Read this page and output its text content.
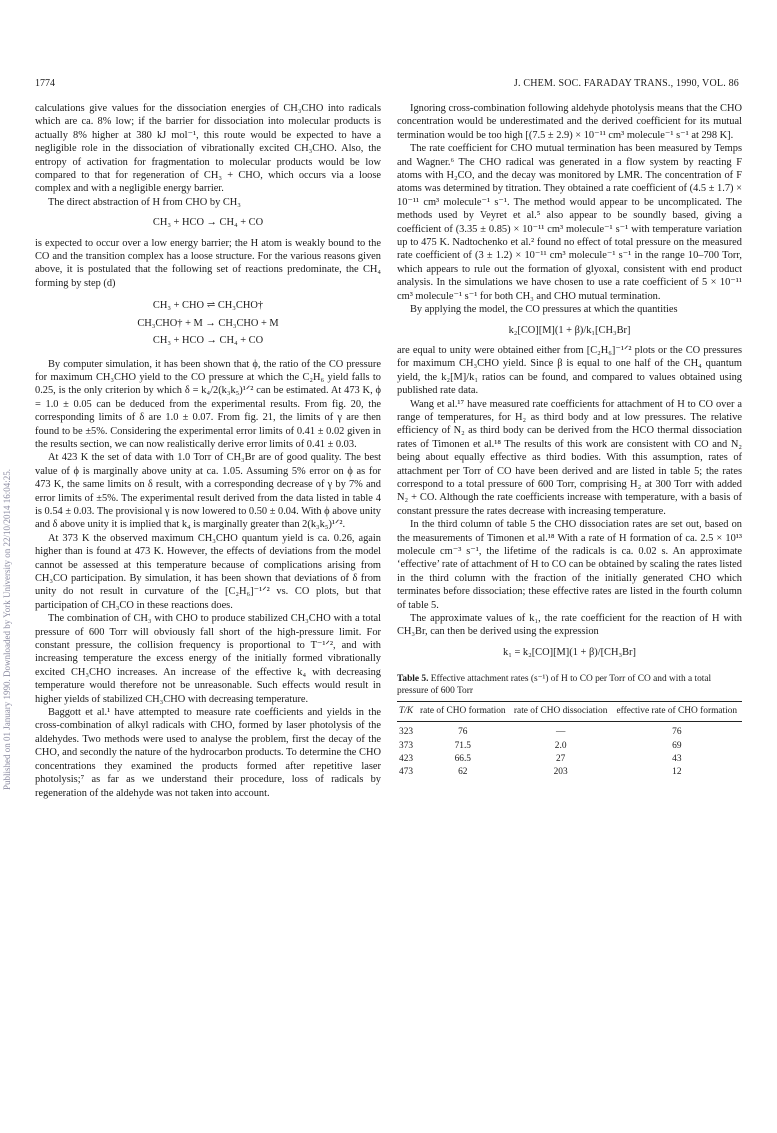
1774	J. CHEM. SOC. FARADAY TRANS., 1990, VOL. 86
Published on 01 January 1990. Downloaded by York University on 22/10/2014 16:04:25.

calculations give values for the dissociation energies of CH₃CHO into radicals which are ca. 8% low; if the barrier for dissociation into molecular products is actually 8% higher at 380 kJ mol⁻¹, this route would be expected to have a negligible role in the dissociation of vibrationally excited CH₃CHO. Also, the entropy of activation for fragmentation to molecular products would be low compared to that for regeneration of CH₃ + CHO, which occurs via a loose complex and with a negligible energy barrier.

The direct abstraction of H from CHO by CH₃

CH₃ + HCO → CH₄ + CO

is expected to occur over a low energy barrier; the H atom is weakly bound to the CO and the transition complex has a loose structure. For the various reasons given above, it is postulated that the following set of reactions predominate, the CH₄ forming by step (d)

CH₃ + CHO ⇌ CH₃CHO†
CH₃CHO† + M → CH₃CHO + M
CH₃ + HCO → CH₄ + CO

By computer simulation, it has been shown that ϕ, the ratio of the CO pressure for maximum CH₃CHO yield to the CO pressure at which the C₂H₆ yield falls to 0.25, is the only criterion by which δ = k₄/2(k₃k₅)¹ᐟ² can be estimated. At 473 K, ϕ = 1.0 ± 0.05 can be deduced from the experimental results. From fig. 20, the corresponding limits of δ are 1.0 ± 0.07. From fig. 21, the limits of γ are then found to be ±5%. Considering the experimental error limits of 0.41 ± 0.02 given in the results section, we can now realistically derive error limits of 0.41 ± 0.03.

At 423 K the set of data with 1.0 Torr of CH₃Br are of good quality. The best value of ϕ is marginally above unity at ca. 1.05. Assuming 5% error on ϕ as for 473 K, the same limits on δ result, with a corresponding decrease of γ by 7% and error limits of ±5%. The experimental result derived from the data listed in table 4 is 0.54 ± 0.03. The provisional γ is now lowered to 0.50 ± 0.04. With ϕ above unity and δ above unity it is implied that k₄ is marginally greater than 2(k₃k₅)¹ᐟ².

At 373 K the observed maximum CH₃CHO quantum yield is ca. 0.26, again higher than is found at 473 K. However, the effects of deviations from the model cannot be assessed at this temperature because of complications arising from CH₃CO participation. By simulation, it has been shown that deviations of δ from unity do not result in curvature of the [C₂H₆]⁻¹ᐟ² vs. CO plots, but that participation of CH₃CO in these reactions does.

The combination of CH₃ with CHO to produce stabilized CH₃CHO with a total pressure of 600 Torr will obviously fall short of the high-pressure limit. For constant pressure, the collision frequency is proportional to T⁻¹ᐟ², and with increasing temperature the excess energy of the initially formed vibrationally excited CH₃CHO increases. An increase of the effective k₄ with decreasing temperature would therefore not be unreasonable. Such effects would result in higher yields of stabilized CH₃CHO with decreasing temperature.

Baggott et al.¹ have attempted to measure rate coefficients and yields in the cross-combination of alkyl radicals with CHO, formed by laser photolysis of the aldehydes. Two methods were used to analyse the problem, first the decay of the CHO, and secondly the nature of the hydrocarbon products. To determine the CHO concentrations they examined the products formed after repetitive laser photolysis;⁷ as far as we understand their procedure, loss of radicals by regeneration of the aldehyde was not taken into account.

Ignoring cross-combination following aldehyde photolysis means that the CHO concentration would be underestimated and the derived coefficient for its mutual termination would be too high [(7.5 ± 2.9) × 10⁻¹¹ cm³ molecule⁻¹ s⁻¹ at 298 K].

The rate coefficient for CHO mutual termination has been measured by Temps and Wagner.⁶ The CHO radical was generated in a flow system by reacting F atoms with H₂CO, and the decay was monitored by LMR. The concentration of F atoms was determined by titration. They obtained a rate coefficient of (4.5 ± 1.7) × 10⁻¹¹ cm³ molecule⁻¹ s⁻¹. The method would appear to be uncomplicated. The methods used by Veyret et al.⁵ also appear to be soundly based, giving a coefficient of (3.35 ± 0.85) × 10⁻¹¹ cm³ molecule⁻¹ s⁻¹ with temperature variation up to 475 K. Nadtochenko et al.² found no effect of total pressure on the measured rate coefficient of (3 ± 1.2) × 10⁻¹¹ cm³ molecule⁻¹ s⁻¹ in the range 10–700 Torr, which appears to rule out the formation of glyoxal, consistent with end product analysis. In the simulations we have chosen to use a rate coefficient of 5 × 10⁻¹¹ cm³ molecule⁻¹ s⁻¹ for both CH₃ and CHO mutual termination.

By applying the model, the CO pressures at which the quantities

k₂[CO][M](1 + β)/k₁[CH₃Br]

are equal to unity were obtained either from [C₂H₆]⁻¹ᐟ² plots or the CO pressures for maximum CH₃CHO yield. Since β is equal to one half of the CH₄ quantum yield, the k₂[M]/k₁ ratios can be found, and compared to values obtained using published rate data.

Wang et al.¹⁷ have measured rate coefficients for attachment of H to CO over a range of temperatures, for H₂ as third body and at low pressures. The relative efficiency of N₂ as third body can be derived from the HCO thermal dissociation rates of Timonen et al.¹⁸ The results of this work are consistent with CO and N₂ being about equally effective as third bodies. With this assumption, rates of attachment per Torr of CO have been derived and are listed in table 5; the rates correspond to a total pressure of 600 Torr, comprising H₂ at 300 Torr with added N₂ + CO. Although the rate coefficients increase with temperature, with a basis of constant pressure the rates decrease with increasing temperature.

In the third column of table 5 the CHO dissociation rates are set out, based on the measurements of Timonen et al.¹⁸ With a rate of H formation of ca. 2.5 × 10¹³ molecule cm⁻³ s⁻¹, the lifetime of the radicals is ca. 0.02 s. An approximate ‘effective’ rate of attachment of H to CO can be obtained by scaling the rates listed in the third column with the fraction of the initially generated CHO which terminates before dissociation; these effective rates are listed in the fourth column of table 5.

The approximate values of k₁, the rate coefficient for the reaction of H with CH₃Br, can then be derived using the expression

k₁ = k₂[CO][M](1 + β)/[CH₃Br]
Table 5. Effective attachment rates (s⁻¹) of H to CO per Torr of CO and with a total pressure of 600 Torr
T/K	rate of CHO formation	rate of CHO dissociation	effective rate of CHO formation
323	76	—	76
373	71.5	2.0	69
423	66.5	27	43
473	62	203	12
